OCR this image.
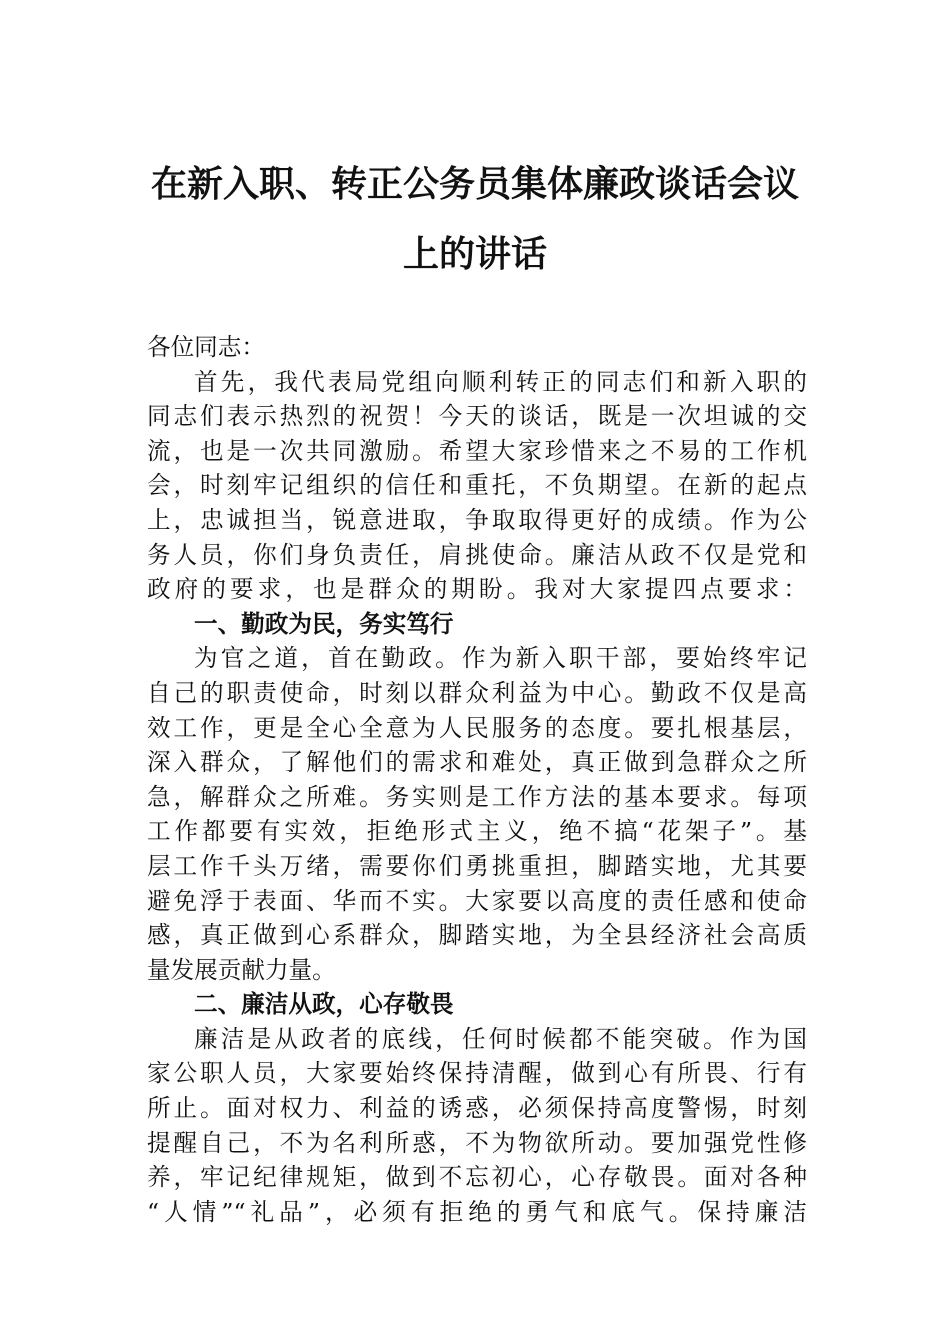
在新入职、转正公务员集体廉政谈话会议
上的讲话
各位同志：
首先，我代表局党组向顺利转正的同志们和新入职的
同志们表示热烈的祝贺！今天的谈话，既是一次坦诚的交
流，也是一次共同激励。希望大家珍惜来之不易的工作机
会，时刻牢记组织的信任和重托，不负期望。在新的起点
上，忠诚担当，锐意进取，争取取得更好的成绩。作为公
务人员，你们身负责任，肩挑使命。廉洁从政不仅是党和
政府的要求，也是群众的期盼。我对大家提四点要求：
一、勤政为民，务实笃行
为官之道，首在勤政。作为新入职干部，要始终牢记
自己的职责使命，时刻以群众利益为中心。勤政不仅是高
效工作，更是全心全意为人民服务的态度。要扎根基层，
深入群众，了解他们的需求和难处，真正做到急群众之所
急，解群众之所难。务实则是工作方法的基本要求。每项
工作都要有实效，拒绝形式主义，绝不搞“花架子”。基
层工作千头万绪，需要你们勇挑重担，脚踏实地，尤其要
避免浮于表面、华而不实。大家要以高度的责任感和使命
感，真正做到心系群众，脚踏实地，为全县经济社会高质
量发展贡献力量。
二、廉洁从政，心存敬畏
廉洁是从政者的底线，任何时候都不能突破。作为国
家公职人员，大家要始终保持清醒，做到心有所畏、行有
所止。面对权力、利益的诱惑，必须保持高度警惕，时刻
提醒自己，不为名利所惑，不为物欲所动。要加强党性修
养，牢记纪律规矩，做到不忘初心，心存敬畏。面对各种
“人情”“礼品”，必须有拒绝的勇气和底气。保持廉洁
